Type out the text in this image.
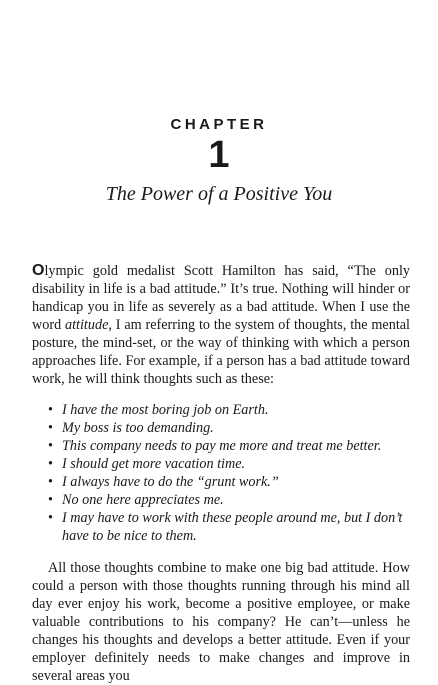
CHAPTER
1
The Power of a Positive You

Olympic gold medalist Scott Hamilton has said, “The only disability in life is a bad attitude.” It’s true. Nothing will hinder or handicap you in life as severely as a bad attitude. When I use the word attitude, I am referring to the system of thoughts, the mental posture, the mind-set, or the way of thinking with which a person approaches life. For example, if a person has a bad attitude toward work, he will think thoughts such as these:

• I have the most boring job on Earth.
• My boss is too demanding.
• This company needs to pay me more and treat me better.
• I should get more vacation time.
• I always have to do the “grunt work.”
• No one here appreciates me.
• I may have to work with these people around me, but I don’t have to be nice to them.

All those thoughts combine to make one big bad attitude. How could a person with those thoughts running through his mind all day ever enjoy his work, become a positive employee, or make valuable contributions to his company? He can’t—unless he changes his thoughts and develops a better attitude. Even if your employer definitely needs to make changes and improve in several areas you
